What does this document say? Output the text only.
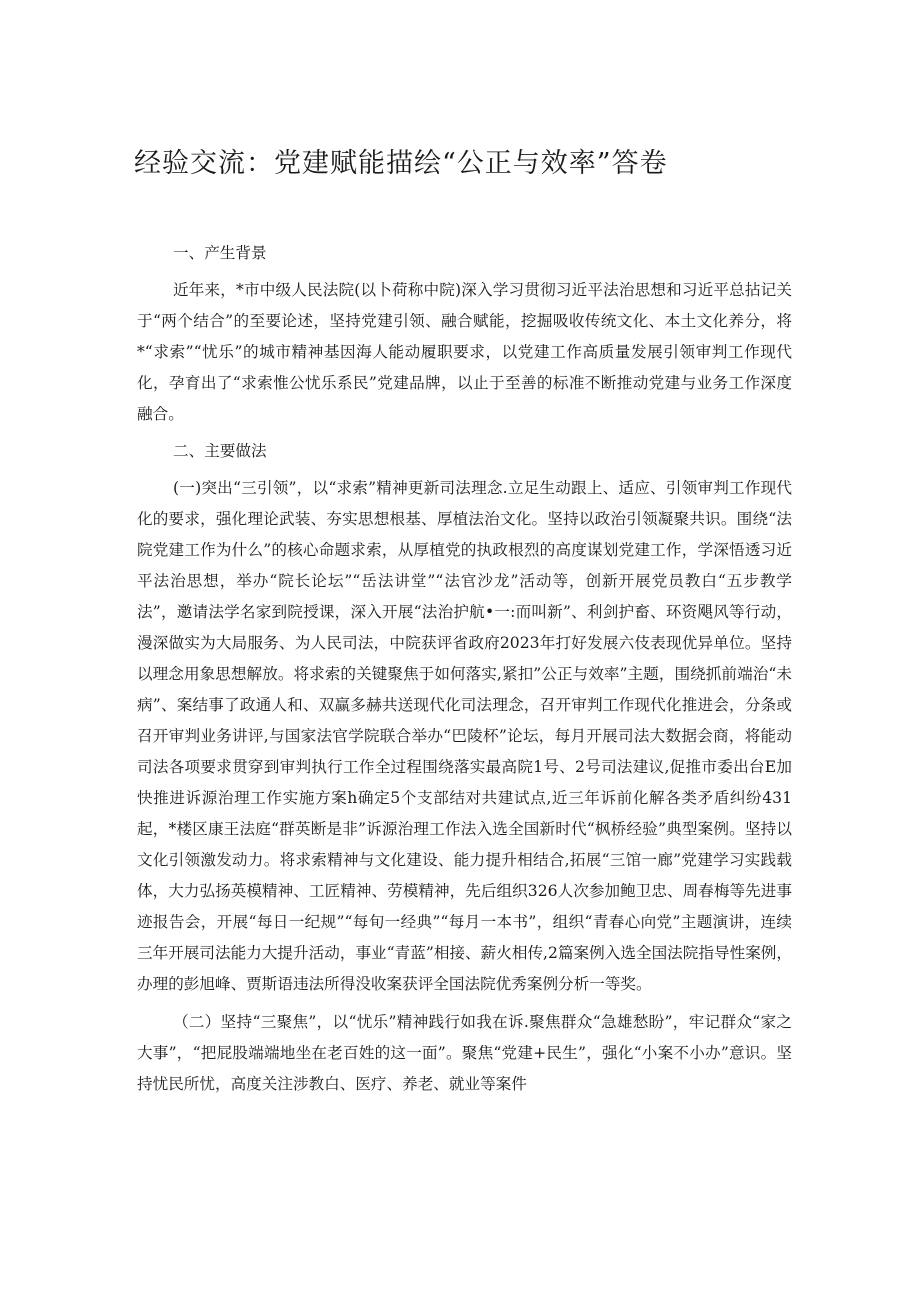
经验交流：党建赋能描绘“公正与效率”答卷
一、产生背景

近年来，*市中级人民法院(以卜荷称中院)深入学习贯彻习近平法治思想和习近平总拈记关于“两个结合”的至要论述，坚持党建引领、融合赋能，挖掘吸收传统文化、本土文化养分，将*“求索”“忧乐”的城市精神基因海人能动履职要求，以党建工作高质量发展引领审判工作现代化，孕育出了“求索惟公忧乐系民”党建品牌，以止于至善的标准不断推动党建与业务工作深度融合。

二、主要做法

(一)突出“三引领”，以“求索”精神更新司法理念.立足生动跟上、适应、引领审判工作现代化的要求，强化理论武装、夯实思想根基、厚植法治文化。坚持以政治引领凝聚共识。围绕“法院党建工作为什么”的核心命题求索，从厚植党的执政根烈的高度谋划党建工作，学深悟透习近平法治思想，举办“院长论坛”“岳法讲堂”“法官沙龙”活动等，创新开展党员教白“五步教学法”，邀请法学名家到院授课，深入开展“法治护航•一:而叫新”、利剑护畜、环资飓风等行动，漫深做实为大局服务、为人民司法，中院获评省政府2023年打好发展六伎表现优异单位。坚持以理念用象思想解放。将求索的关键聚焦于如何落实,紧扣”公正与效率”主题，围绕抓前端治“未病”、案结事了政通人和、双赢多赫共送现代化司法理念，召开审判工作现代化推进会，分条或召开审判业务讲评,与国家法官学院联合举办“巴陵杯”论坛，每月开展司法大数据会商，将能动司法各项要求贯穿到审判执行工作全过程围绕落实最高院1号、2号司法建议,促推市委出台E加快推进诉源治理工作实施方案h确定5个支部结对共建试点,近三年诉前化解各类矛盾纠纷431起，*楼区康王法庭“群英断是非”诉源治理工作法入选全国新时代“枫桥经验”典型案例。坚持以文化引领激发动力。将求索精神与文化建设、能力提升相结合,拓展“三馆一廊”党建学习实践载体，大力弘扬英模精神、工匠精神、劳模精神，先后组织326人次参加鲍卫忠、周春梅等先进事迹报告会，开展“每日一纪规”“每旬一经典”“每月一本书”，组织“青春心向党”主题演讲，连续三年开展司法能力大提升活动，事业“青蓝”相接、薪火相传,2篇案例入选全国法院指导性案例，办理的彭旭峰、贾斯语违法所得没收案获评全国法院优秀案例分析一等奖。

（二）坚持“三聚焦”，以“忧乐”精神践行如我在诉.聚焦群众“急雄愁盼”，牢记群众“家之大事”，“把屁股端端地坐在老百姓的这一面”。聚焦“党建+民生”，强化“小案不小办”意识。坚持忧民所忧，高度关注涉教白、医疗、养老、就业等案件
